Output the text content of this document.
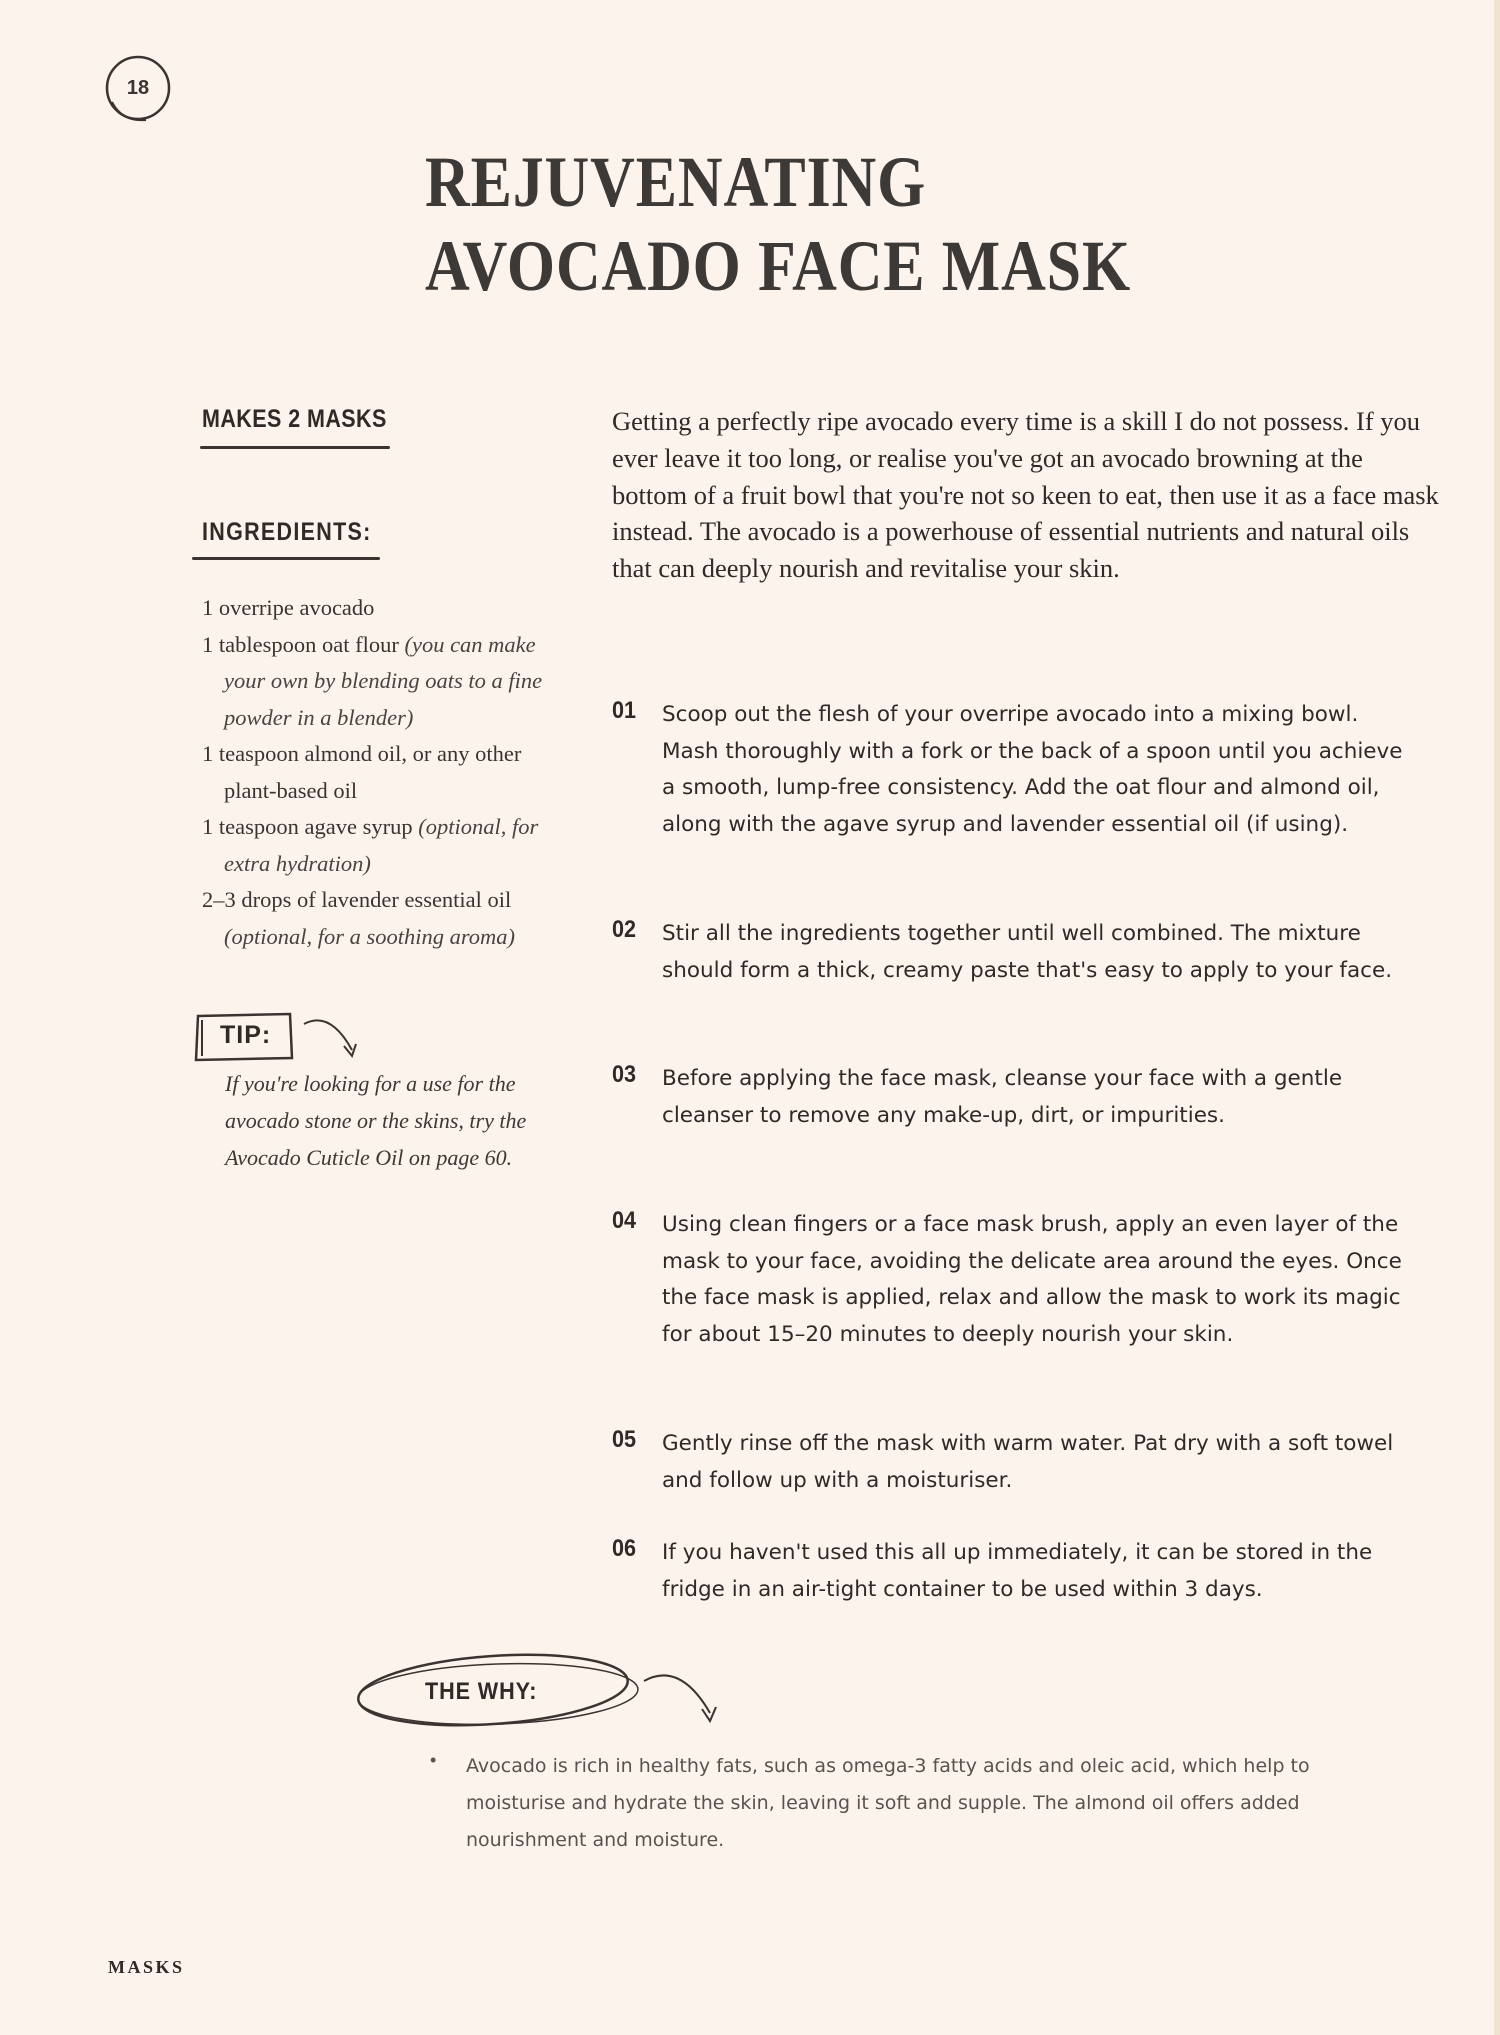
18
REJUVENATING
AVOCADO FACE MASK
MAKES 2 MASKS
INGREDIENTS:
1 overripe avocado
1 tablespoon oat flour (you can make your own by blending oats to a fine powder in a blender)
1 teaspoon almond oil, or any other plant-based oil
1 teaspoon agave syrup (optional, for extra hydration)
2–3 drops of lavender essential oil (optional, for a soothing aroma)
TIP:
If you're looking for a use for the avocado stone or the skins, try the Avocado Cuticle Oil on page 60.

Getting a perfectly ripe avocado every time is a skill I do not possess. If you ever leave it too long, or realise you've got an avocado browning at the bottom of a fruit bowl that you're not so keen to eat, then use it as a face mask instead. The avocado is a powerhouse of essential nutrients and natural oils that can deeply nourish and revitalise your skin.

01 Scoop out the flesh of your overripe avocado into a mixing bowl. Mash thoroughly with a fork or the back of a spoon until you achieve a smooth, lump-free consistency. Add the oat flour and almond oil, along with the agave syrup and lavender essential oil (if using).

02 Stir all the ingredients together until well combined. The mixture should form a thick, creamy paste that's easy to apply to your face.

03 Before applying the face mask, cleanse your face with a gentle cleanser to remove any make-up, dirt, or impurities.

04 Using clean fingers or a face mask brush, apply an even layer of the mask to your face, avoiding the delicate area around the eyes. Once the face mask is applied, relax and allow the mask to work its magic for about 15–20 minutes to deeply nourish your skin.

05 Gently rinse off the mask with warm water. Pat dry with a soft towel and follow up with a moisturiser.

06 If you haven't used this all up immediately, it can be stored in the fridge in an air-tight container to be used within 3 days.

THE WHY:
• Avocado is rich in healthy fats, such as omega-3 fatty acids and oleic acid, which help to moisturise and hydrate the skin, leaving it soft and supple. The almond oil offers added nourishment and moisture.

MASKS
